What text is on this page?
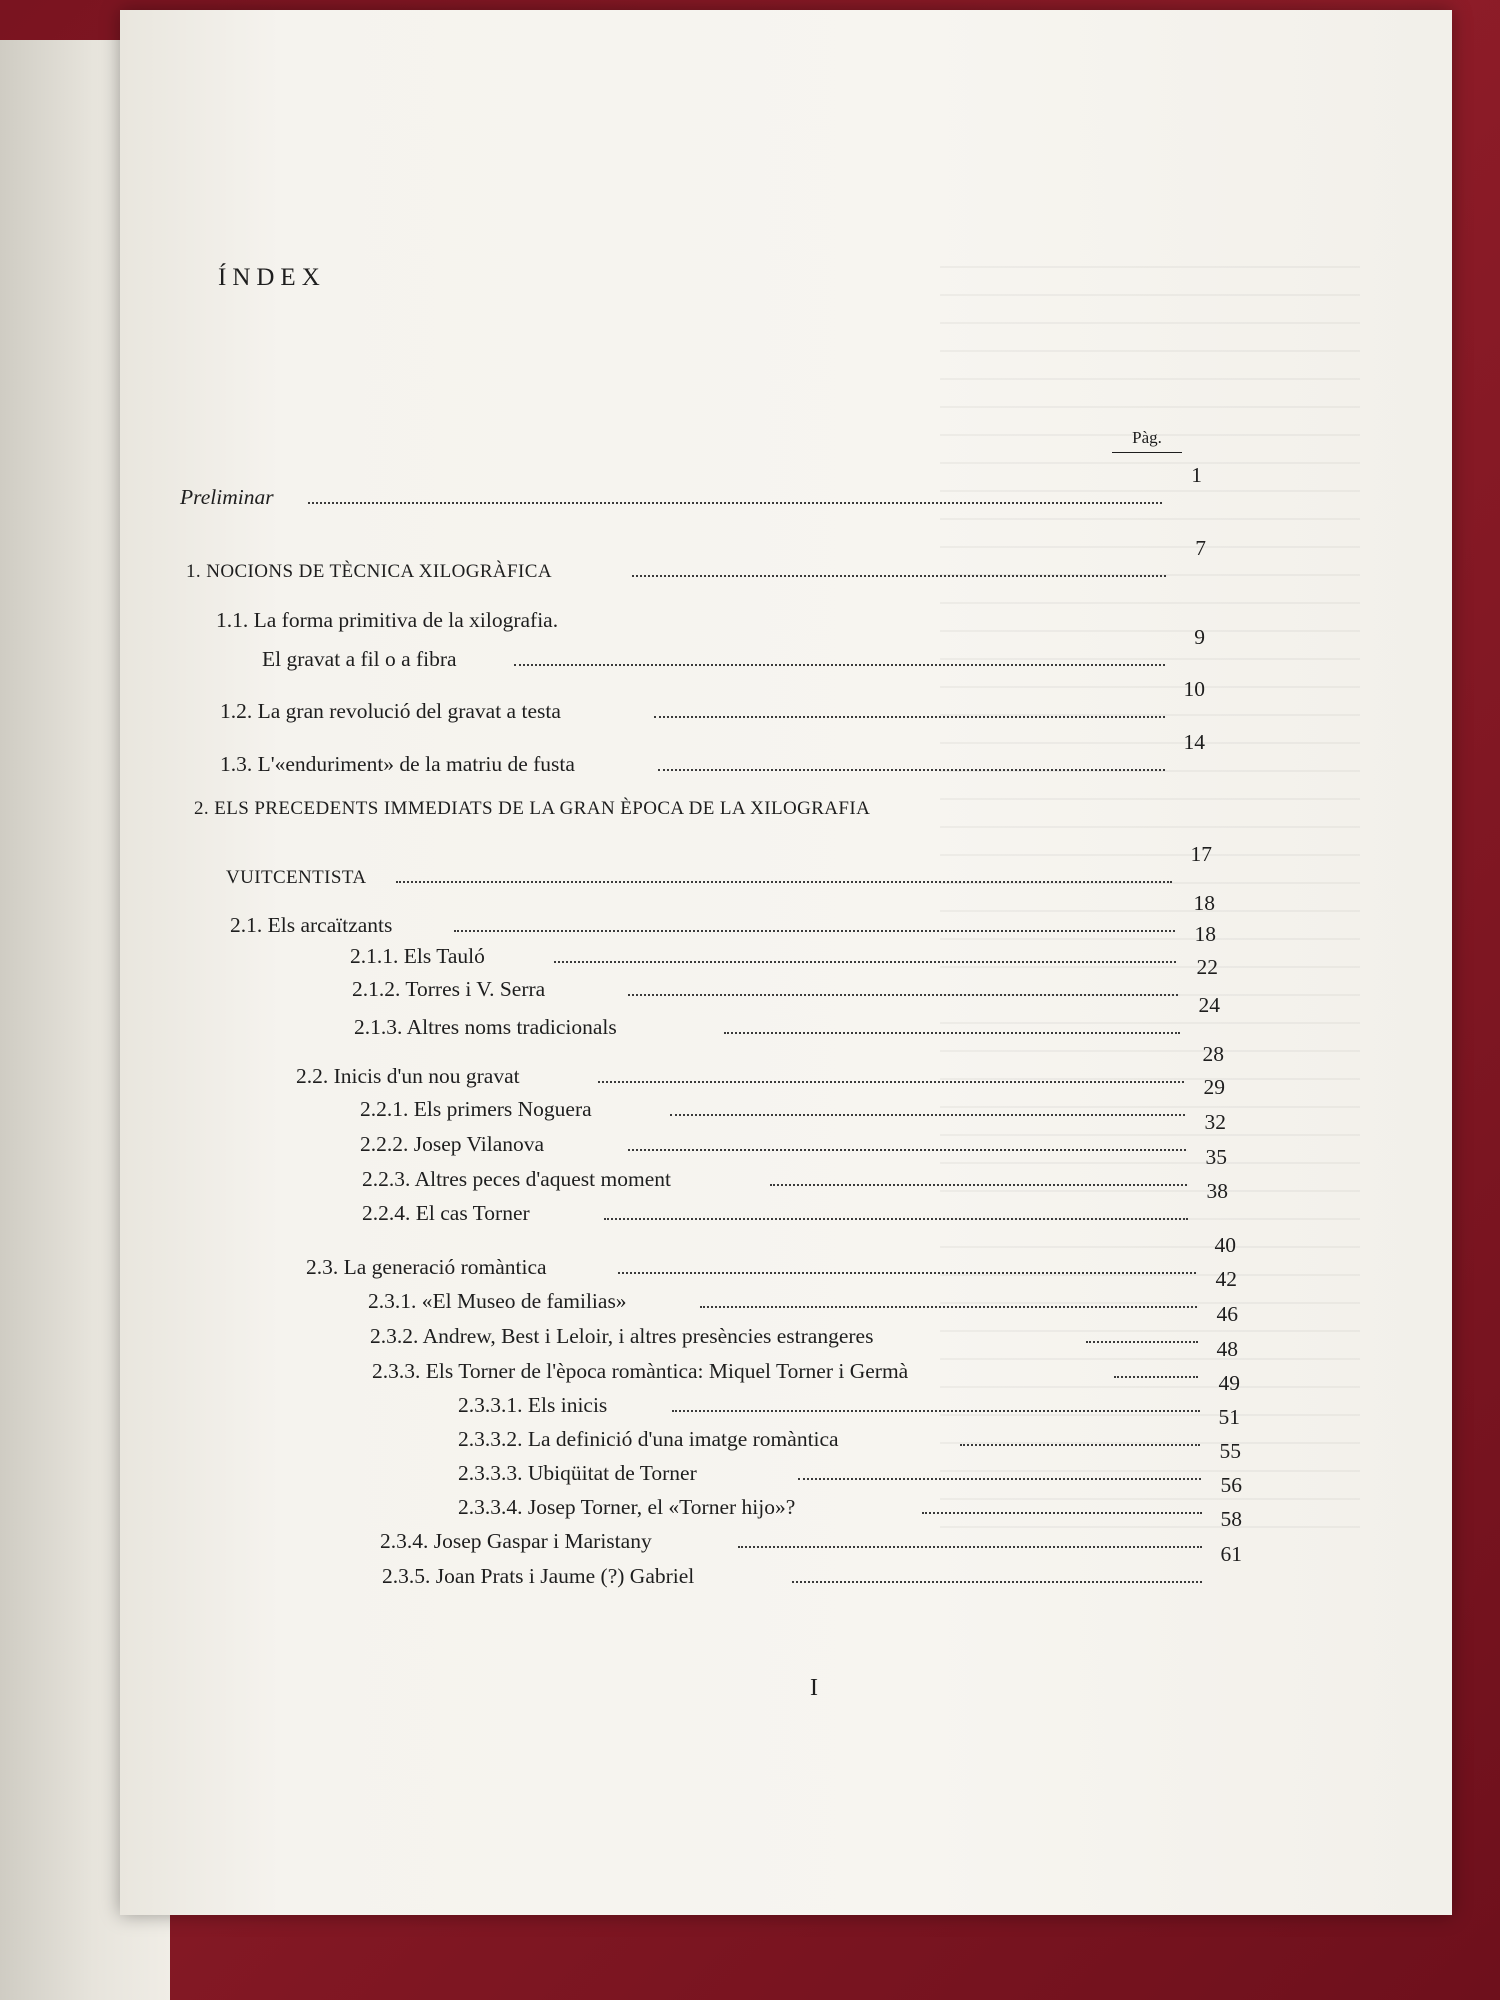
ÍNDEX
Pàg.
Preliminar
1
1. NOCIONS DE TÈCNICA XILOGRÀFICA
7
1.1. La forma primitiva de la xilografia.
El gravat a fil o a fibra
9
1.2. La gran revolució del gravat a testa
10
1.3. L'«enduriment» de la matriu de fusta
14
2. ELS PRECEDENTS IMMEDIATS DE LA GRAN ÈPOCA DE LA XILOGRAFIA
VUITCENTISTA
17
2.1. Els arcaïtzants
18
2.1.1. Els Tauló
18
2.1.2. Torres i V. Serra
22
2.1.3. Altres noms tradicionals
24
2.2. Inicis d'un nou gravat
28
2.2.1. Els primers Noguera
29
2.2.2. Josep Vilanova
32
2.2.3. Altres peces d'aquest moment
35
2.2.4. El cas Torner
38
2.3. La generació romàntica
40
2.3.1. «El Museo de familias»
42
2.3.2. Andrew, Best i Leloir, i altres presències estrangeres
46
2.3.3. Els Torner de l'època romàntica: Miquel Torner i Germà
48
2.3.3.1. Els inicis
49
2.3.3.2. La definició d'una imatge romàntica
51
2.3.3.3. Ubiqüitat de Torner
55
2.3.3.4. Josep Torner, el «Torner hijo»?
56
2.3.4. Josep Gaspar i Maristany
58
2.3.5. Joan Prats i Jaume (?) Gabriel
61
I
